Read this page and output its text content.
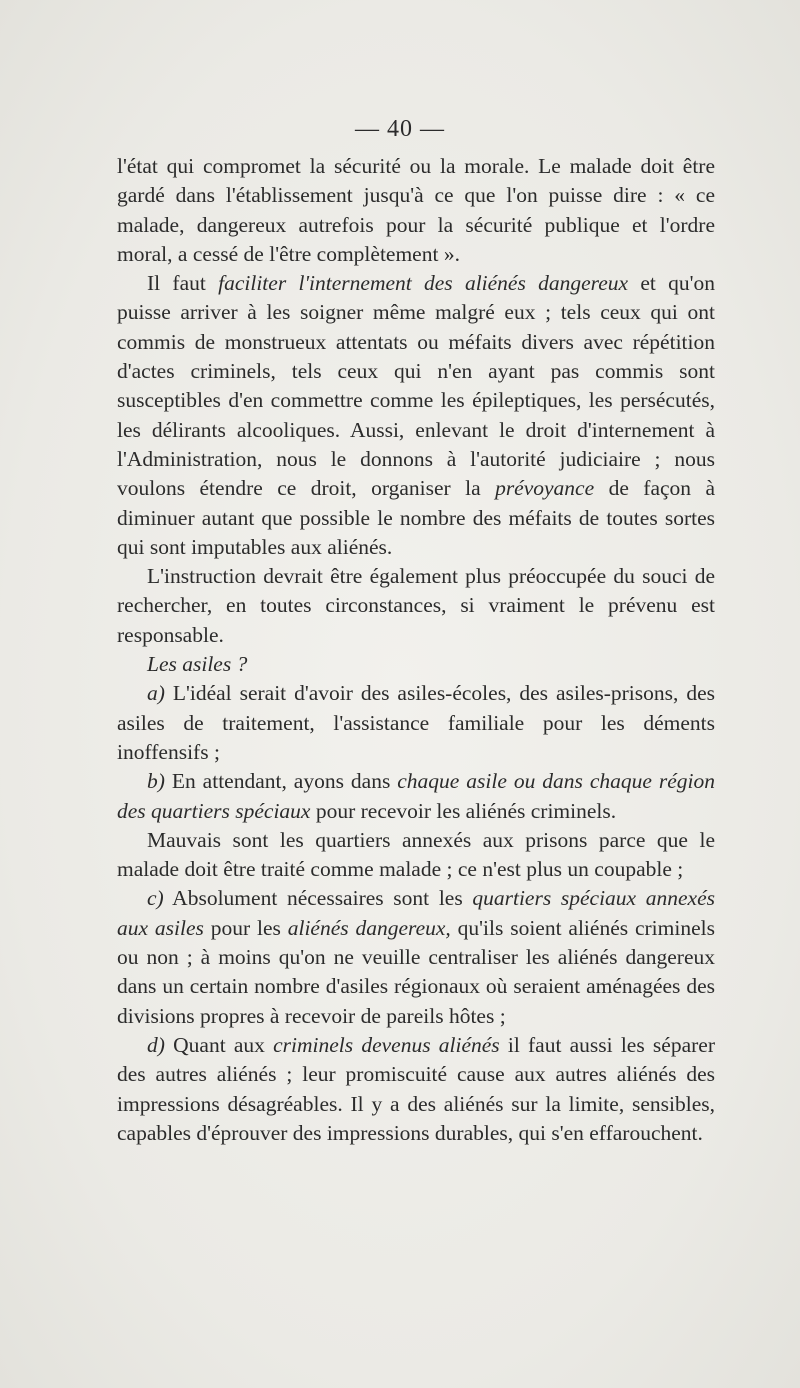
— 40 —

l'état qui compromet la sécurité ou la morale. Le malade doit être gardé dans l'établissement jusqu'à ce que l'on puisse dire : « ce malade, dangereux autrefois pour la sécurité publique et l'ordre moral, a cessé de l'être complètement ».

Il faut faciliter l'internement des aliénés dangereux et qu'on puisse arriver à les soigner même malgré eux ; tels ceux qui ont commis de monstrueux attentats ou méfaits divers avec répétition d'actes criminels, tels ceux qui n'en ayant pas commis sont susceptibles d'en commettre comme les épileptiques, les persécutés, les délirants alcooliques. Aussi, enlevant le droit d'internement à l'Administration, nous le donnons à l'autorité judiciaire ; nous voulons étendre ce droit, organiser la prévoyance de façon à diminuer autant que possible le nombre des méfaits de toutes sortes qui sont imputables aux aliénés.

L'instruction devrait être également plus préoccupée du souci de rechercher, en toutes circonstances, si vraiment le prévenu est responsable.

Les asiles ?

a) L'idéal serait d'avoir des asiles-écoles, des asiles-prisons, des asiles de traitement, l'assistance familiale pour les déments inoffensifs ;

b) En attendant, ayons dans chaque asile ou dans chaque région des quartiers spéciaux pour recevoir les aliénés criminels.

Mauvais sont les quartiers annexés aux prisons parce que le malade doit être traité comme malade ; ce n'est plus un coupable ;

c) Absolument nécessaires sont les quartiers spéciaux annexés aux asiles pour les aliénés dangereux, qu'ils soient aliénés criminels ou non ; à moins qu'on ne veuille centraliser les aliénés dangereux dans un certain nombre d'asiles régionaux où seraient aménagées des divisions propres à recevoir de pareils hôtes ;

d) Quant aux criminels devenus aliénés il faut aussi les séparer des autres aliénés ; leur promiscuité cause aux autres aliénés des impressions désagréables. Il y a des aliénés sur la limite, sensibles, capables d'éprouver des impressions durables, qui s'en effarouchent.
